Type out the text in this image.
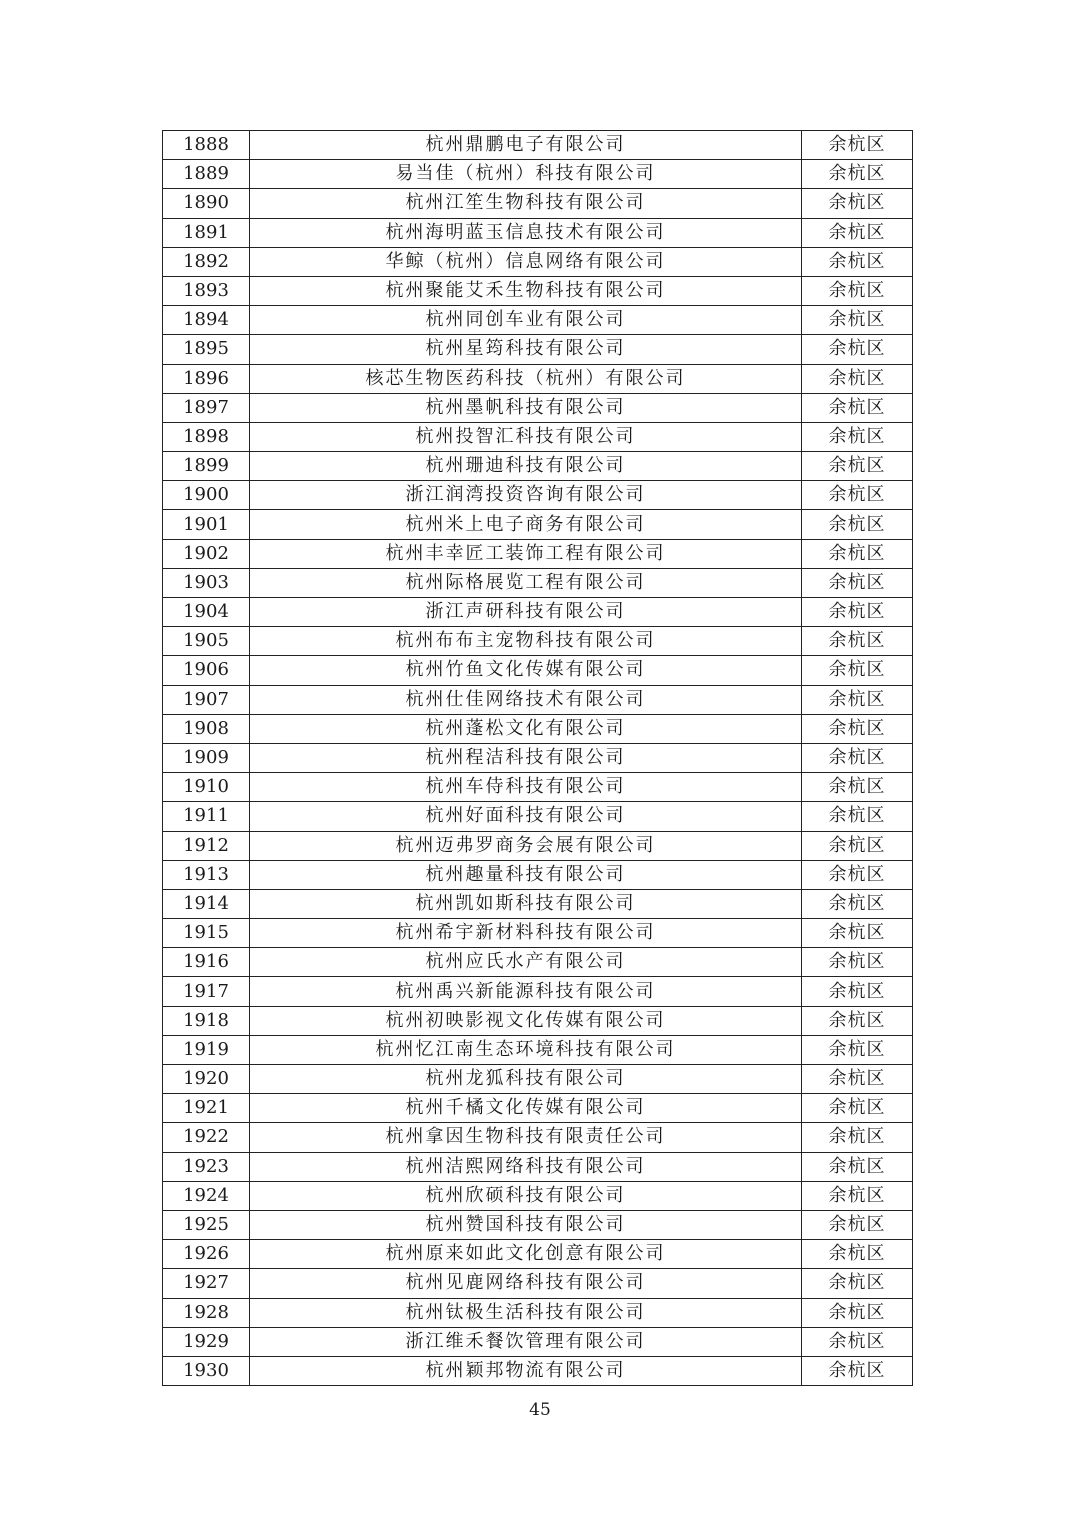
1888	杭州鼎鹏电子有限公司	余杭区
1889	易当佳（杭州）科技有限公司	余杭区
1890	杭州江笙生物科技有限公司	余杭区
1891	杭州海明蓝玉信息技术有限公司	余杭区
1892	华鲸（杭州）信息网络有限公司	余杭区
1893	杭州聚能艾禾生物科技有限公司	余杭区
1894	杭州同创车业有限公司	余杭区
1895	杭州星筠科技有限公司	余杭区
1896	核芯生物医药科技（杭州）有限公司	余杭区
1897	杭州墨帆科技有限公司	余杭区
1898	杭州投智汇科技有限公司	余杭区
1899	杭州珊迪科技有限公司	余杭区
1900	浙江润湾投资咨询有限公司	余杭区
1901	杭州米上电子商务有限公司	余杭区
1902	杭州丰幸匠工装饰工程有限公司	余杭区
1903	杭州际格展览工程有限公司	余杭区
1904	浙江声研科技有限公司	余杭区
1905	杭州布布主宠物科技有限公司	余杭区
1906	杭州竹鱼文化传媒有限公司	余杭区
1907	杭州仕佳网络技术有限公司	余杭区
1908	杭州蓬松文化有限公司	余杭区
1909	杭州程洁科技有限公司	余杭区
1910	杭州车侍科技有限公司	余杭区
1911	杭州好面科技有限公司	余杭区
1912	杭州迈弗罗商务会展有限公司	余杭区
1913	杭州趣量科技有限公司	余杭区
1914	杭州凯如斯科技有限公司	余杭区
1915	杭州希宇新材料科技有限公司	余杭区
1916	杭州应氏水产有限公司	余杭区
1917	杭州禹兴新能源科技有限公司	余杭区
1918	杭州初映影视文化传媒有限公司	余杭区
1919	杭州忆江南生态环境科技有限公司	余杭区
1920	杭州龙狐科技有限公司	余杭区
1921	杭州千橘文化传媒有限公司	余杭区
1922	杭州拿因生物科技有限责任公司	余杭区
1923	杭州洁熙网络科技有限公司	余杭区
1924	杭州欣硕科技有限公司	余杭区
1925	杭州赞国科技有限公司	余杭区
1926	杭州原来如此文化创意有限公司	余杭区
1927	杭州见鹿网络科技有限公司	余杭区
1928	杭州钛极生活科技有限公司	余杭区
1929	浙江维禾餐饮管理有限公司	余杭区
1930	杭州颖邦物流有限公司	余杭区
45
